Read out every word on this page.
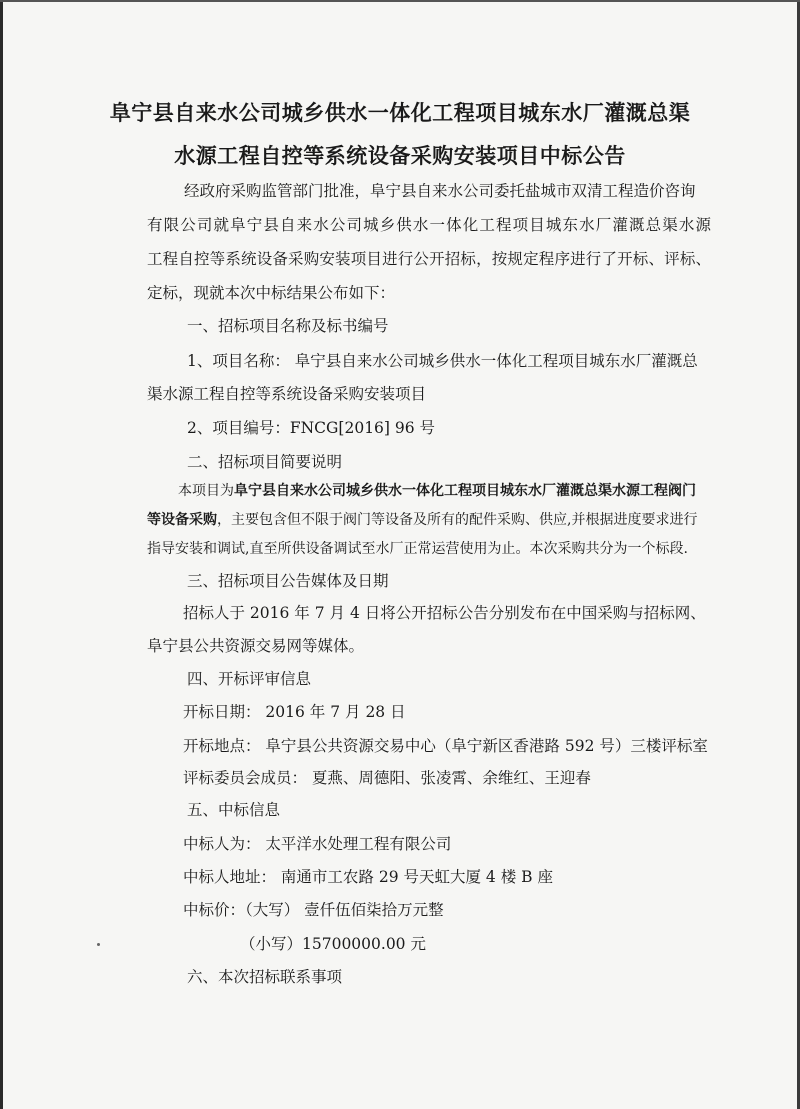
阜宁县自来水公司城乡供水一体化工程项目城东水厂灌溉总渠
水源工程自控等系统设备采购安装项目中标公告
经政府采购监管部门批准，阜宁县自来水公司委托盐城市双清工程造价咨询
有限公司就阜宁县自来水公司城乡供水一体化工程项目城东水厂灌溉总渠水源
工程自控等系统设备采购安装项目进行公开招标，按规定程序进行了开标、评标、
定标，现就本次中标结果公布如下：
一、招标项目名称及标书编号
1、项目名称： 阜宁县自来水公司城乡供水一体化工程项目城东水厂灌溉总
渠水源工程自控等系统设备采购安装项目
2、项目编号：FNCG[2016] 96 号
二、招标项目简要说明
本项目为阜宁县自来水公司城乡供水一体化工程项目城东水厂灌溉总渠水源工程阀门
等设备采购，主要包含但不限于阀门等设备及所有的配件采购、供应,并根据进度要求进行
指导安装和调试,直至所供设备调试至水厂正常运营使用为止。本次采购共分为一个标段.
三、招标项目公告媒体及日期
招标人于 2016 年 7 月 4 日将公开招标公告分别发布在中国采购与招标网、
阜宁县公共资源交易网等媒体。
四、开标评审信息
开标日期： 2016 年 7 月 28 日
开标地点： 阜宁县公共资源交易中心（阜宁新区香港路 592 号）三楼评标室
评标委员会成员： 夏燕、周德阳、张凌霄、余维红、王迎春
五、中标信息
中标人为： 太平洋水处理工程有限公司
中标人地址： 南通市工农路 29 号天虹大厦 4 楼 B 座
中标价：（大写） 壹仟伍佰柒拾万元整
（小写）15700000.00 元
六、本次招标联系事项
